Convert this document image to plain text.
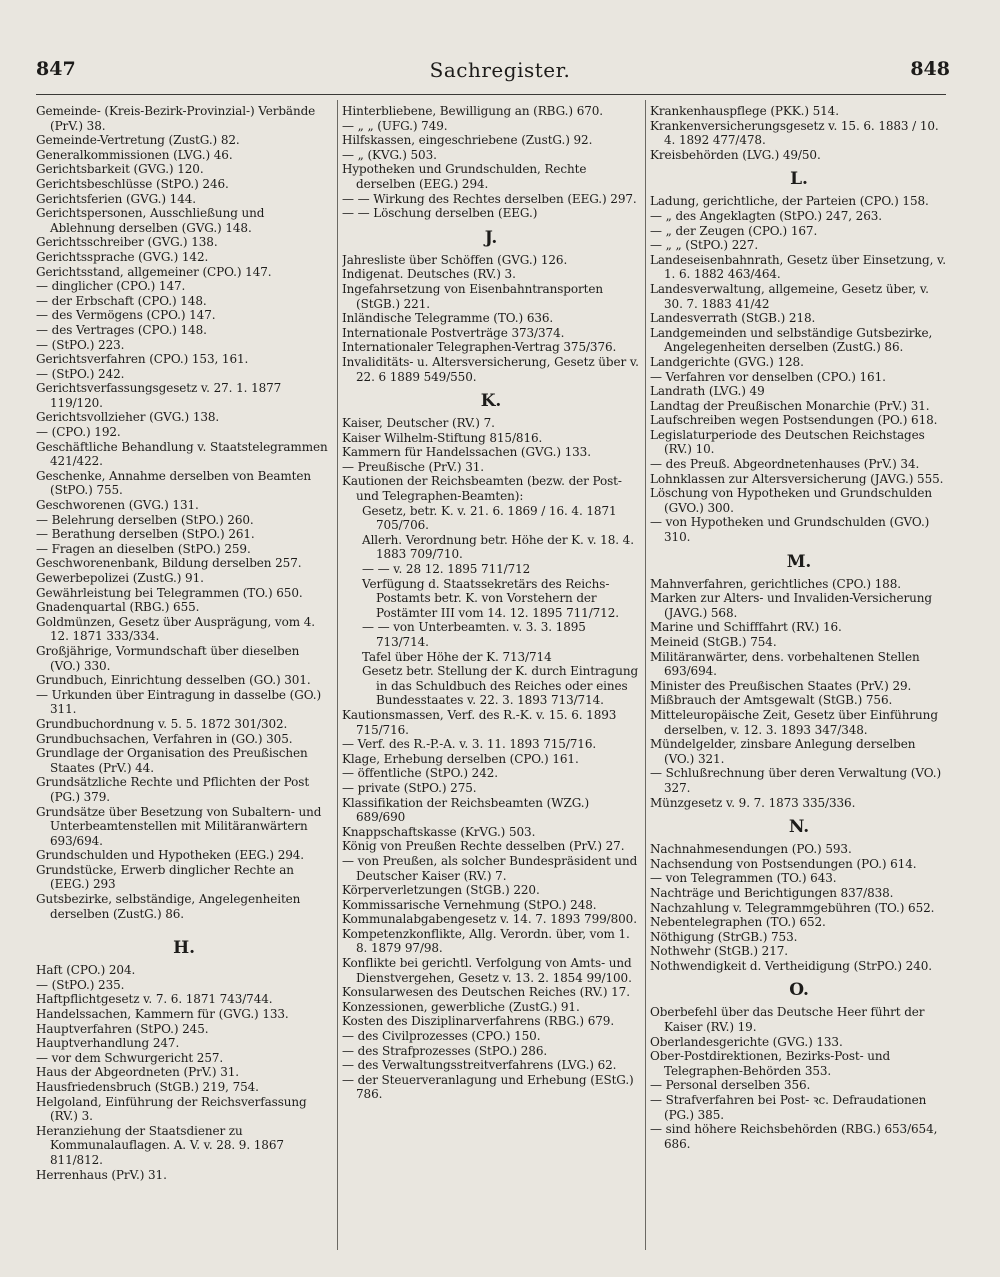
847	Sachregister.	848
Gemeinde- (Kreis-Bezirk-Provinzial-) Verbände (PrV.) 38.
Gemeinde-Vertretung (ZustG.) 82.
Generalkommissionen (LVG.) 46.
Gerichtsbarkeit (GVG.) 120.
Gerichtsbeschlüsse (StPO.) 246.
Gerichtsferien (GVG.) 144.
Gerichtspersonen, Ausschließung und Ablehnung derselben (GVG.) 148.
Gerichtsschreiber (GVG.) 138.
Gerichtssprache (GVG.) 142.
Gerichtsstand, allgemeiner (CPO.) 147.
— dinglicher (CPO.) 147.
— der Erbschaft (CPO.) 148.
— des Vermögens (CPO.) 147.
— des Vertrages (CPO.) 148.
— (StPO.) 223.
Gerichtsverfahren (CPO.) 153, 161.
— (StPO.) 242.
Gerichtsverfassungsgesetz v. 27. 1. 1877 119/120.
Gerichtsvollzieher (GVG.) 138.
— (CPO.) 192.
Geschäftliche Behandlung v. Staatstelegrammen 421/422.
Geschenke, Annahme derselben von Beamten (StPO.) 755.
Geschworenen (GVG.) 131.
— Belehrung derselben (StPO.) 260.
— Berathung derselben (StPO.) 261.
— Fragen an dieselben (StPO.) 259.
Geschworenenbank, Bildung derselben 257.
Gewerbepolizei (ZustG.) 91.
Gewährleistung bei Telegrammen (TO.) 650.
Gnadenquartal (RBG.) 655.
Goldmünzen, Gesetz über Ausprägung, vom 4. 12. 1871 333/334.
Großjährige, Vormundschaft über dieselben (VO.) 330.
Grundbuch, Einrichtung desselben (GO.) 301.
— Urkunden über Eintragung in dasselbe (GO.) 311.
Grundbuchordnung v. 5. 5. 1872 301/302.
Grundbuchsachen, Verfahren in (GO.) 305.
Grundlage der Organisation des Preußischen Staates (PrV.) 44.
Grundsätzliche Rechte und Pflichten der Post (PG.) 379.
Grundsätze über Besetzung von Subaltern- und Unterbeamtenstellen mit Militäranwärtern 693/694.
Grundschulden und Hypotheken (EEG.) 294.
Grundstücke, Erwerb dinglicher Rechte an (EEG.) 293
Gutsbezirke, selbständige, Angelegenheiten derselben (ZustG.) 86.
H.
Haft (CPO.) 204.
— (StPO.) 235.
Haftpflichtgesetz v. 7. 6. 1871 743/744.
Handelssachen, Kammern für (GVG.) 133.
Hauptverfahren (StPO.) 245.
Hauptverhandlung 247.
— vor dem Schwurgericht 257.
Haus der Abgeordneten (PrV.) 31.
Hausfriedensbruch (StGB.) 219, 754.
Helgoland, Einführung der Reichsverfassung (RV.) 3.
Heranziehung der Staatsdiener zu Kommunalauflagen. A. V. v. 28. 9. 1867 811/812.
Herrenhaus (PrV.) 31.
Hinterbliebene, Bewilligung an (RBG.) 670.
— „ „ (UFG.) 749.
Hilfskassen, eingeschriebene (ZustG.) 92.
— „ (KVG.) 503.
Hypotheken und Grundschulden, Rechte derselben (EEG.) 294.
— — Wirkung des Rechtes derselben (EEG.) 297.
— — Löschung derselben (EEG.)
J.
Jahresliste über Schöffen (GVG.) 126.
Indigenat. Deutsches (RV.) 3.
Ingefahrsetzung von Eisenbahntransporten (StGB.) 221.
Inländische Telegramme (TO.) 636.
Internationale Postverträge 373/374.
Internationaler Telegraphen-Vertrag 375/376.
Invaliditäts- u. Altersversicherung, Gesetz über v. 22. 6 1889 549/550.
K.
Kaiser, Deutscher (RV.) 7.
Kaiser Wilhelm-Stiftung 815/816.
Kammern für Handelssachen (GVG.) 133.
— Preußische (PrV.) 31.
Kautionen der Reichsbeamten (bezw. der Post- und Telegraphen-Beamten):
Gesetz, betr. K. v. 21. 6. 1869 / 16. 4. 1871 705/706.
Allerh. Verordnung betr. Höhe der K. v. 18. 4. 1883 709/710.
— — v. 28 12. 1895 711/712
Verfügung d. Staatssekretärs des Reichs-Postamts betr. K. von Vorstehern der Postämter III vom 14. 12. 1895 711/712.
— — von Unterbeamten. v. 3. 3. 1895 713/714.
Tafel über Höhe der K. 713/714
Gesetz betr. Stellung der K. durch Eintragung in das Schuldbuch des Reiches oder eines Bundesstaates v. 22. 3. 1893 713/714.
Kautionsmassen, Verf. des R.-K. v. 15. 6. 1893 715/716.
— Verf. des R.-P.-A. v. 3. 11. 1893 715/716.
Klage, Erhebung derselben (CPO.) 161.
— öffentliche (StPO.) 242.
— private (StPO.) 275.
Klassifikation der Reichsbeamten (WZG.) 689/690
Knappschaftskasse (KrVG.) 503.
König von Preußen Rechte desselben (PrV.) 27.
— von Preußen, als solcher Bundespräsident und Deutscher Kaiser (RV.) 7.
Körperverletzungen (StGB.) 220.
Kommissarische Vernehmung (StPO.) 248.
Kommunalabgabengesetz v. 14. 7. 1893 799/800.
Kompetenzkonflikte, Allg. Verordn. über, vom 1. 8. 1879 97/98.
Konflikte bei gerichtl. Verfolgung von Amts- und Dienstvergehen, Gesetz v. 13. 2. 1854 99/100.
Konsularwesen des Deutschen Reiches (RV.) 17.
Konzessionen, gewerbliche (ZustG.) 91.
Kosten des Disziplinarverfahrens (RBG.) 679.
— des Civilprozesses (CPO.) 150.
— des Strafprozesses (StPO.) 286.
— des Verwaltungsstreitverfahrens (LVG.) 62.
— der Steuerveranlagung und Erhebung (EStG.) 786.
Krankenhauspflege (PKK.) 514.
Krankenversicherungsgesetz v. 15. 6. 1883 / 10. 4. 1892 477/478.
Kreisbehörden (LVG.) 49/50.
L.
Ladung, gerichtliche, der Parteien (CPO.) 158.
— „ des Angeklagten (StPO.) 247, 263.
— „ der Zeugen (CPO.) 167.
— „ „ (StPO.) 227.
Landeseisenbahnrath, Gesetz über Einsetzung, v. 1. 6. 1882 463/464.
Landesverwaltung, allgemeine, Gesetz über, v. 30. 7. 1883 41/42
Landesverrath (StGB.) 218.
Landgemeinden und selbständige Gutsbezirke, Angelegenheiten derselben (ZustG.) 86.
Landgerichte (GVG.) 128.
— Verfahren vor denselben (CPO.) 161.
Landrath (LVG.) 49
Landtag der Preußischen Monarchie (PrV.) 31.
Laufschreiben wegen Postsendungen (PO.) 618.
Legislaturperiode des Deutschen Reichstages (RV.) 10.
— des Preuß. Abgeordnetenhauses (PrV.) 34.
Lohnklassen zur Altersversicherung (JAVG.) 555.
Löschung von Hypotheken und Grundschulden (GVO.) 300.
— von Hypotheken und Grundschulden (GVO.) 310.
M.
Mahnverfahren, gerichtliches (CPO.) 188.
Marken zur Alters- und Invaliden-Versicherung (JAVG.) 568.
Marine und Schifffahrt (RV.) 16.
Meineid (StGB.) 754.
Militäranwärter, dens. vorbehaltenen Stellen 693/694.
Minister des Preußischen Staates (PrV.) 29.
Mißbrauch der Amtsgewalt (StGB.) 756.
Mitteleuropäische Zeit, Gesetz über Einführung derselben, v. 12. 3. 1893 347/348.
Mündelgelder, zinsbare Anlegung derselben (VO.) 321.
— Schlußrechnung über deren Verwaltung (VO.) 327.
Münzgesetz v. 9. 7. 1873 335/336.
N.
Nachnahmesendungen (PO.) 593.
Nachsendung von Postsendungen (PO.) 614.
— von Telegrammen (TO.) 643.
Nachträge und Berichtigungen 837/838.
Nachzahlung v. Telegrammgebühren (TO.) 652.
Nebentelegraphen (TO.) 652.
Nöthigung (StrGB.) 753.
Nothwehr (StGB.) 217.
Nothwendigkeit d. Vertheidigung (StrPO.) 240.
O.
Oberbefehl über das Deutsche Heer führt der Kaiser (RV.) 19.
Oberlandesgerichte (GVG.) 133.
Ober-Postdirektionen, Bezirks-Post- und Telegraphen-Behörden 353.
— Personal derselben 356.
— Strafverfahren bei Post- ꝛc. Defraudationen (PG.) 385.
— sind höhere Reichsbehörden (RBG.) 653/654, 686.
